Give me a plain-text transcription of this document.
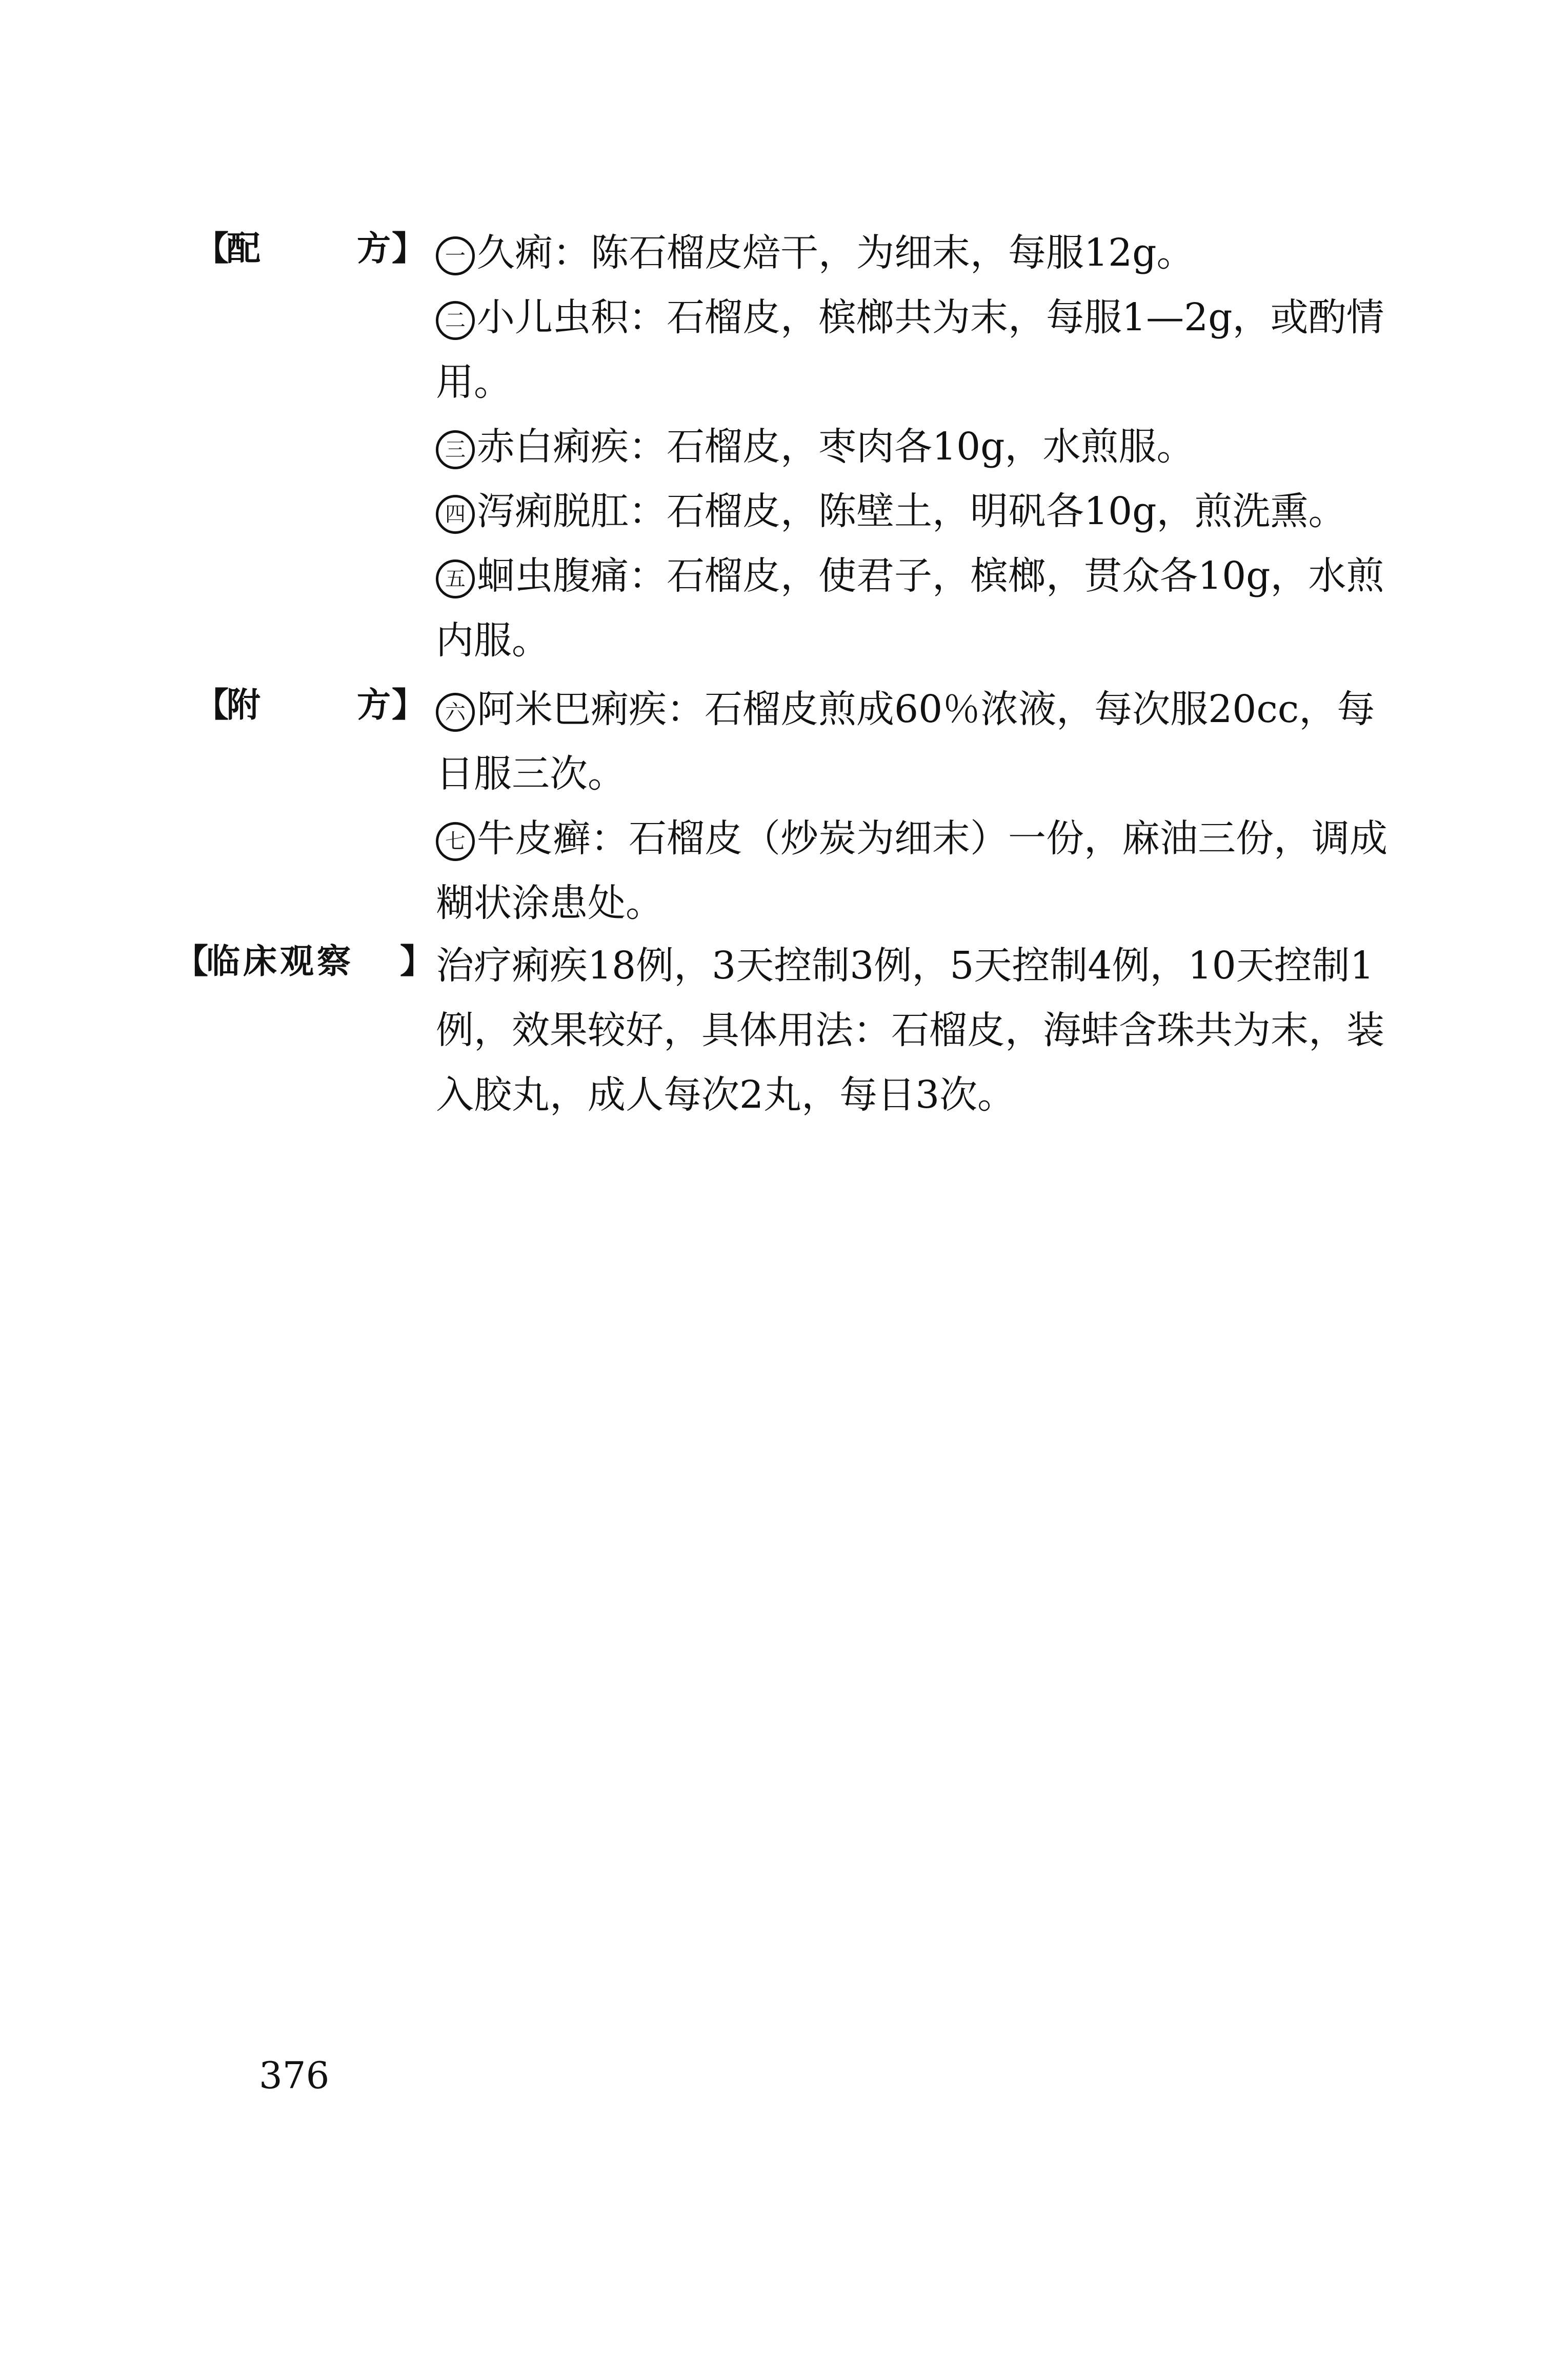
【
配	方 】 一 久痢：陈石榴皮焙干，为细末，每服12g。

二 小儿虫积：石榴皮，槟榔共为末，每服1—2g，或酌情用。

三 赤白痢疾：石榴皮，枣肉各10g，水煎服。

四 泻痢脱肛：石榴皮，陈壁土，明矾各10g，煎洗熏。

五 蛔虫腹痛：石榴皮，使君子，槟榔，贯众各10g，水煎内服。

【
附	方 】 六 阿米巴痢疾：石榴皮煎成60％浓液，每次服20cc，每日服三次。

七 牛皮癣：石榴皮（炒炭为细末）一份，麻油三份，调成糊状涂患处。

【
临床观察 】 治疗痢疾18例，3天控制3例，5天控制4例，10天控制1例，效果较好，具体用法：石榴皮，海蚌含珠共为末，装入胶丸，成人每次2丸，每日3次。

376
